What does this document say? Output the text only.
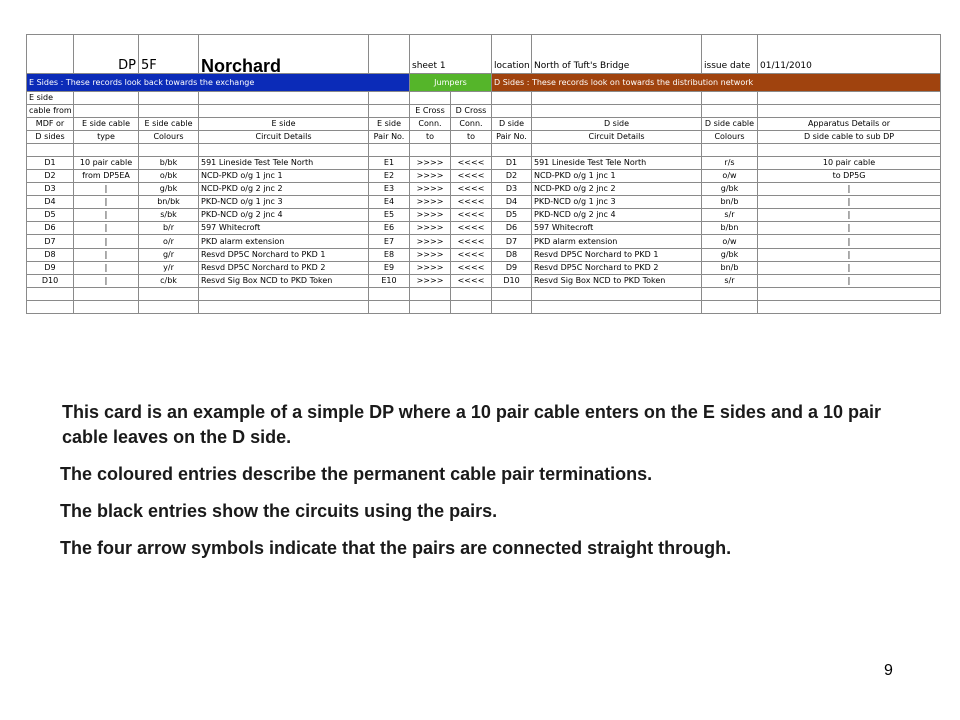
	DP	5F	Norchard		sheet 1		location	North of Tuft's Bridge	issue date	01/11/2010
E Sides : These records look back towards the exchange					Jumpers		D Sides : These records look on towards the distribution network			
E side										
cable from					E Cross	D Cross				
MDF or	E side cable	E side cable	E side	E side	Conn.	Conn.	D side	D side	D side cable	Apparatus Details or
D sides	type	Colours	Circuit Details	Pair No.	to	to	Pair No.	Circuit Details	Colours	D side cable to sub DP

D1	10 pair cable	b/bk	591 Lineside Test Tele North	E1	>>>>	<<<<	D1	591 Lineside Test Tele North	r/s	10 pair cable
D2	from DP5EA	o/bk	NCD-PKD o/g 1 jnc 1	E2	>>>>	<<<<	D2	NCD-PKD o/g 1 jnc 1	o/w	to DP5G
D3	|	g/bk	NCD-PKD o/g 2 jnc 2	E3	>>>>	<<<<	D3	NCD-PKD o/g 2 jnc 2	g/bk	|
D4	|	bn/bk	PKD-NCD o/g 1 jnc 3	E4	>>>>	<<<<	D4	PKD-NCD o/g 1 jnc 3	bn/b	|
D5	|	s/bk	PKD-NCD o/g 2 jnc 4	E5	>>>>	<<<<	D5	PKD-NCD o/g 2 jnc 4	s/r	|
D6	|	b/r	597 Whitecroft	E6	>>>>	<<<<	D6	597 Whitecroft	b/bn	|
D7	|	o/r	PKD alarm extension	E7	>>>>	<<<<	D7	PKD alarm extension	o/w	|
D8	|	g/r	Resvd DP5C Norchard to PKD 1	E8	>>>>	<<<<	D8	Resvd DP5C Norchard to PKD 1	g/bk	|
D9	|	y/r	Resvd DP5C Norchard to PKD 2	E9	>>>>	<<<<	D9	Resvd DP5C Norchard to PKD 2	bn/b	|
D10	|	c/bk	Resvd Sig Box NCD to PKD Token	E10	>>>>	<<<<	D10	Resvd Sig Box NCD to PKD Token	s/r	|

This card is an example of a simple DP where a 10 pair cable enters on the E sides and a 10 pair cable leaves on the D side.

The coloured entries describe the permanent cable pair terminations.

The black entries show the circuits using the pairs.

The four arrow symbols indicate that the pairs are connected straight through.

9
